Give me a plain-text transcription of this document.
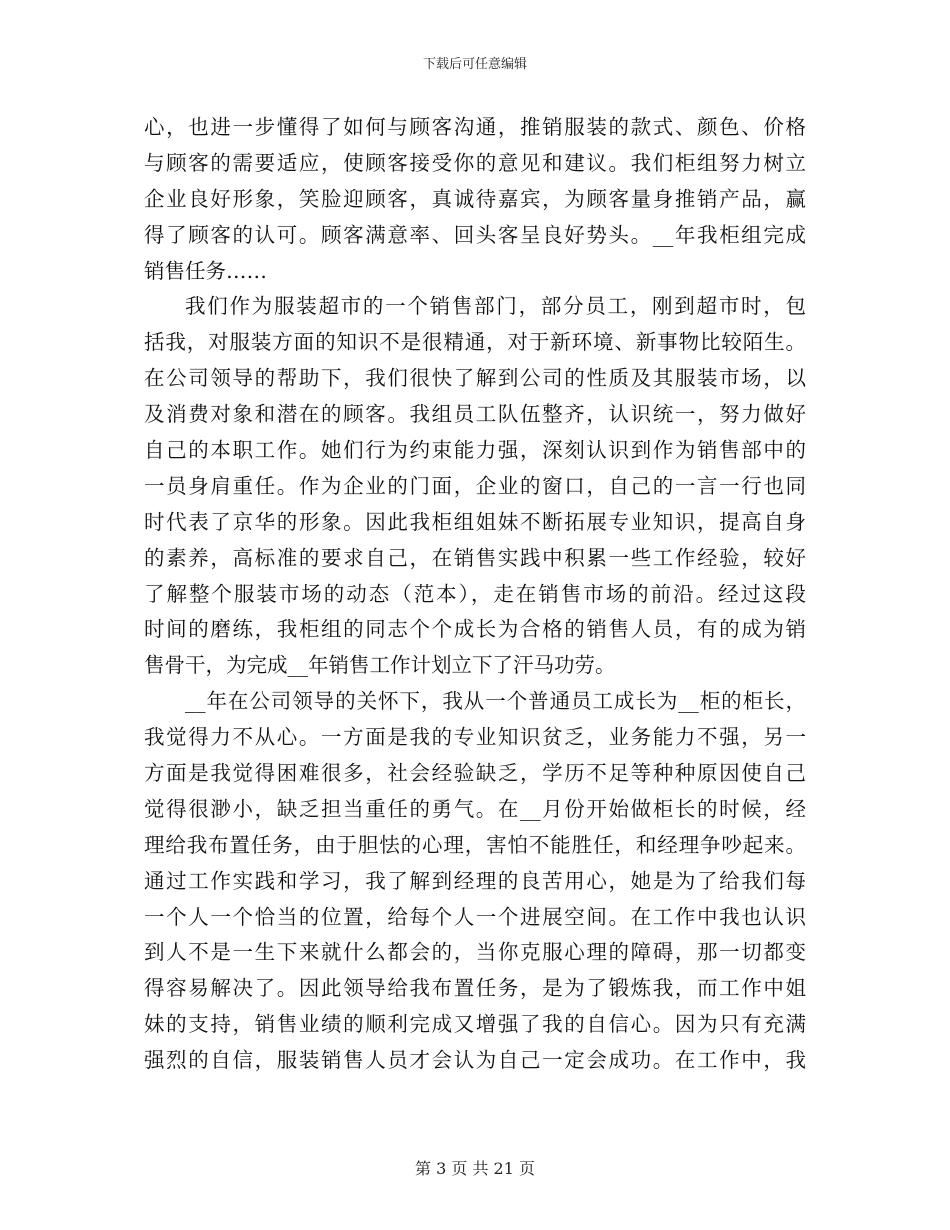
下载后可任意编辑
心，也进一步懂得了如何与顾客沟通，推销服装的款式、颜色、价格
与顾客的需要适应，使顾客接受你的意见和建议。我们柜组努力树立
企业良好形象，笑脸迎顾客，真诚待嘉宾，为顾客量身推销产品，赢
得了顾客的认可。顾客满意率、回头客呈良好势头。__年我柜组完成
销售任务……
我们作为服装超市的一个销售部门，部分员工，刚到超市时，包
括我，对服装方面的知识不是很精通，对于新环境、新事物比较陌生。
在公司领导的帮助下，我们很快了解到公司的性质及其服装市场，以
及消费对象和潜在的顾客。我组员工队伍整齐，认识统一，努力做好
自己的本职工作。她们行为约束能力强，深刻认识到作为销售部中的
一员身肩重任。作为企业的门面，企业的窗口，自己的一言一行也同
时代表了京华的形象。因此我柜组姐妹不断拓展专业知识，提高自身
的素养，高标准的要求自己，在销售实践中积累一些工作经验，较好
了解整个服装市场的动态（范本），走在销售市场的前沿。经过这段
时间的磨练，我柜组的同志个个成长为合格的销售人员，有的成为销
售骨干，为完成__年销售工作计划立下了汗马功劳。
__年在公司领导的关怀下，我从一个普通员工成长为__柜的柜长，
我觉得力不从心。一方面是我的专业知识贫乏，业务能力不强，另一
方面是我觉得困难很多，社会经验缺乏，学历不足等种种原因使自己
觉得很渺小，缺乏担当重任的勇气。在__月份开始做柜长的时候，经
理给我布置任务，由于胆怯的心理，害怕不能胜任，和经理争吵起来。
通过工作实践和学习，我了解到经理的良苦用心，她是为了给我们每
一个人一个恰当的位置，给每个人一个进展空间。在工作中我也认识
到人不是一生下来就什么都会的，当你克服心理的障碍，那一切都变
得容易解决了。因此领导给我布置任务，是为了锻炼我，而工作中姐
妹的支持，销售业绩的顺利完成又增强了我的自信心。因为只有充满
强烈的自信，服装销售人员才会认为自己一定会成功。在工作中，我
第 3 页 共 21 页
